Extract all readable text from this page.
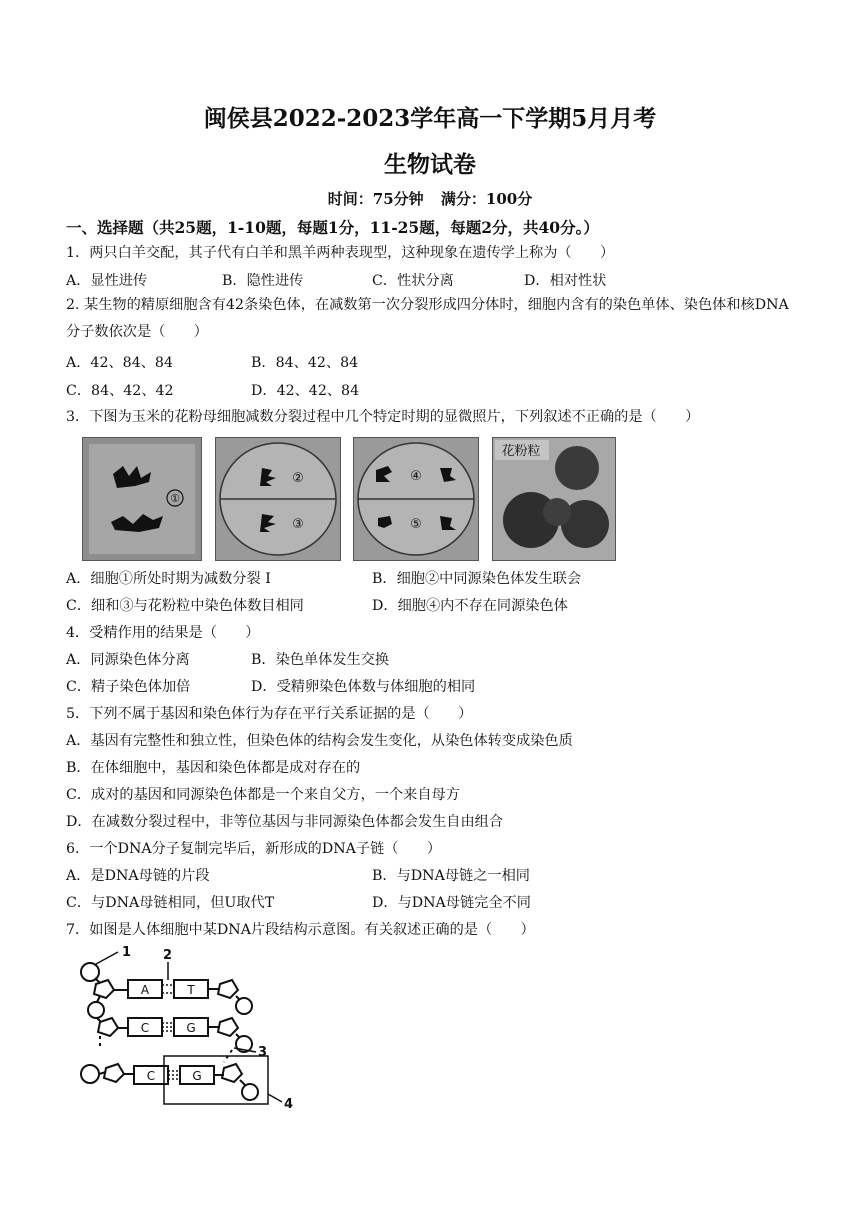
闽侯县2022-2023学年高一下学期5月月考
生物试卷
时间：75分钟 满分：100分
一、选择题（共25题，1-10题，每题1分，11-25题，每题2分，共40分。）
1．两只白羊交配，其子代有白羊和黑羊两种表现型，这种现象在遗传学上称为（　　）
A．显性进传	B．隐性进传	C．性状分离	D．相对性状
2. 某生物的精原细胞含有42条染色体，在减数第一次分裂形成四分体时，细胞内含有的染色单体、染色体和核DNA分子数依次是（　　）
A．42、84、84	B．84、42、84
C．84、42、42	D．42、42、84
3．下图为玉米的花粉母细胞减数分裂过程中几个特定时期的显微照片，下列叙述不正确的是（　　）
①
②
③
④
⑤
花粉粒
A．细胞①所处时期为减数分裂 I	B．细胞②中同源染色体发生联会
C．细和③与花粉粒中染色体数目相同	D．细胞④内不存在同源染色体
4．受精作用的结果是（　　）
A．同源染色体分离	B．染色单体发生交换
C．精子染色体加倍	D．受精卵染色体数与体细胞的相同
5．下列不属于基因和染色体行为存在平行关系证据的是（　　）
A．基因有完整性和独立性，但染色体的结构会发生变化，从染色体转变成染色质
B．在体细胞中，基因和染色体都是成对存在的
C．成对的基因和同源染色体都是一个来自父方，一个来自母方
D．在减数分裂过程中，非等位基因与非同源染色体都会发生自由组合
6．一个DNA分子复制完毕后，新形成的DNA子链（　　）
A．是DNA母链的片段	B．与DNA母链之一相同
C．与DNA母链相同，但U取代T	D．与DNA母链完全不同
7．如图是人体细胞中某DNA片段结构示意图。有关叙述正确的是（　　）
1 2
3
4
A	T
C	G
C	G
